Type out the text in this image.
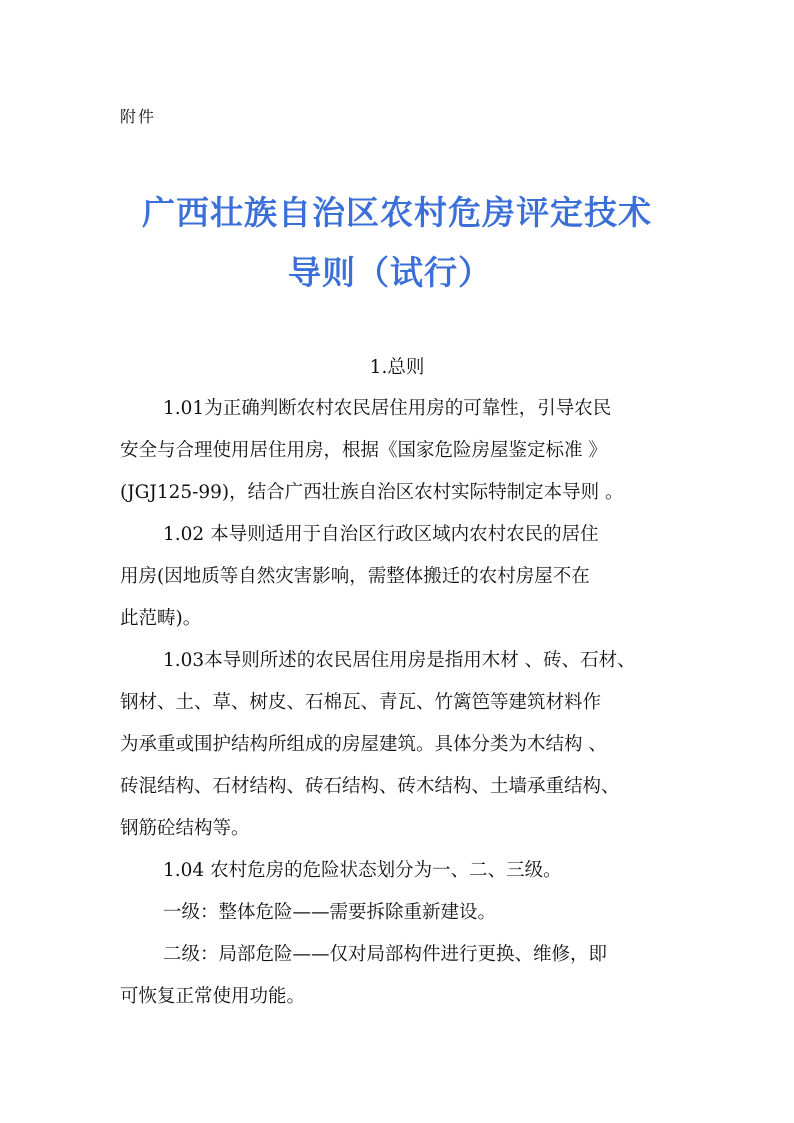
附件

广西壮族自治区农村危房评定技术
导则（试行）

1.总则

1.01为正确判断农村农民居住用房的可靠性，引导农民

安全与合理使用居住用房，根据《国家危险房屋鉴定标准 》

(JGJ125-99)，结合广西壮族自治区农村实际特制定本导则 。

1.02 本导则适用于自治区行政区域内农村农民的居住

用房(因地质等自然灾害影响，需整体搬迁的农村房屋不在

此范畴)。

1.03本导则所述的农民居住用房是指用木材 、砖、石材、

钢材、土、草、树皮、石棉瓦、青瓦、竹篱笆等建筑材料作

为承重或围护结构所组成的房屋建筑。具体分类为木结构 、

砖混结构、石材结构、砖石结构、砖木结构、土墙承重结构、

钢筋砼结构等。

1.04 农村危房的危险状态划分为一、二、三级。

一级：整体危险——需要拆除重新建设。

二级：局部危险——仅对局部构件进行更换、维修，即

可恢复正常使用功能。
